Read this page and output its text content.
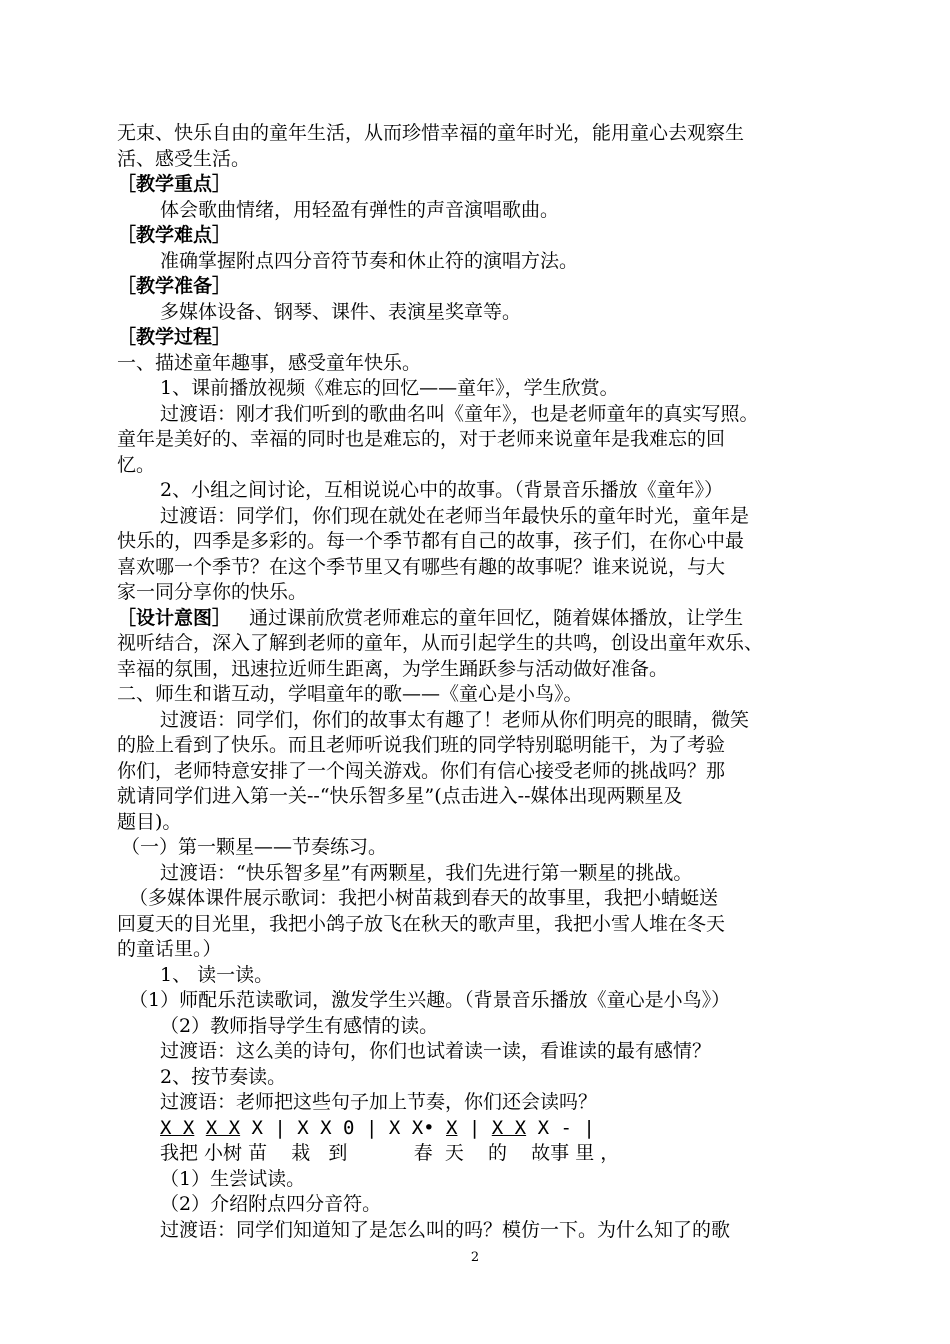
无束、快乐自由的童年生活，从而珍惜幸福的童年时光，能用童心去观察生

活、感受生活。

［教学重点］

体会歌曲情绪，用轻盈有弹性的声音演唱歌曲。

［教学难点］

准确掌握附点四分音符节奏和休止符的演唱方法。

［教学准备］

多媒体设备、钢琴、课件、表演星奖章等。

［教学过程］

一、描述童年趣事，感受童年快乐。

1、课前播放视频《难忘的回忆——童年》，学生欣赏。

过渡语：刚才我们听到的歌曲名叫《童年》，也是老师童年的真实写照。

童年是美好的、幸福的同时也是难忘的，对于老师来说童年是我难忘的回

忆。

2、小组之间讨论，互相说说心中的故事。（背景音乐播放《童年》）

过渡语：同学们，你们现在就处在老师当年最快乐的童年时光，童年是

快乐的，四季是多彩的。每一个季节都有自己的故事，孩子们，在你心中最

喜欢哪一个季节？在这个季节里又有哪些有趣的故事呢？谁来说说，与大

家一同分享你的快乐。

［设计意图］ 通过课前欣赏老师难忘的童年回忆，随着媒体播放，让学生

视听结合，深入了解到老师的童年，从而引起学生的共鸣，创设出童年欢乐、

幸福的氛围，迅速拉近师生距离，为学生踊跃参与活动做好准备。

二、师生和谐互动，学唱童年的歌——《童心是小鸟》。

过渡语：同学们，你们的故事太有趣了！老师从你们明亮的眼睛，微笑

的脸上看到了快乐。而且老师听说我们班的同学特别聪明能干，为了考验

你们，老师特意安排了一个闯关游戏。你们有信心接受老师的挑战吗？那

就请同学们进入第一关--“快乐智多星”(点击进入--媒体出现两颗星及

题目)。

（一）第一颗星——节奏练习。

过渡语：“快乐智多星”有两颗星，我们先进行第一颗星的挑战。

（多媒体课件展示歌词：我把小树苗栽到春天的故事里，我把小蜻蜓送

回夏天的目光里，我把小鸽子放飞在秋天的歌声里，我把小雪人堆在冬天

的童话里。）

1、 读一读。

（1）师配乐范读歌词，激发学生兴趣。（背景音乐播放《童心是小鸟》）

（2）教师指导学生有感情的读。

过渡语：这么美的诗句，你们也试着读一读，看谁读的最有感情？

2、按节奏读。

过渡语：老师把这些句子加上节奏，你们还会读吗？

X X X X X | X X 0 | X X• X | X X X - |

我把 小树 苗    栽   到           春  天    的    故事 里 ，

（1）生尝试读。

（2）介绍附点四分音符。

过渡语：同学们知道知了是怎么叫的吗？模仿一下。为什么知了的歌

2
